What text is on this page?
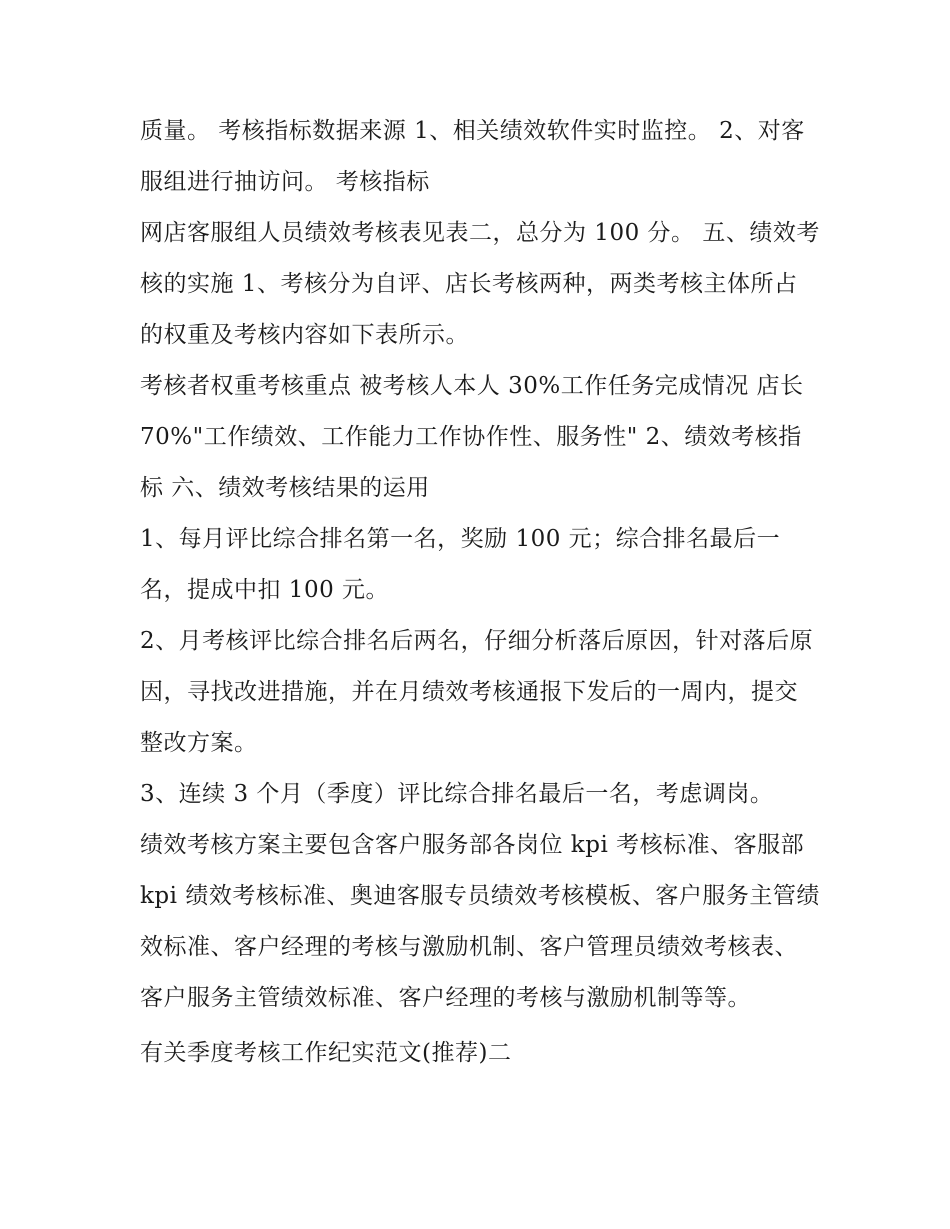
质量。 考核指标数据来源 1、相关绩效软件实时监控。 2、对客服组进行抽访问。 考核指标

网店客服组人员绩效考核表见表二，总分为 100 分。 五、绩效考核的实施 1、考核分为自评、店长考核两种，两类考核主体所占的权重及考核内容如下表所示。

考核者权重考核重点 被考核人本人 30%工作任务完成情况 店长 70%"工作绩效、工作能力工作协作性、服务性" 2、绩效考核指标 六、绩效考核结果的运用

1、每月评比综合排名第一名，奖励 100 元；综合排名最后一名，提成中扣 100 元。

2、月考核评比综合排名后两名，仔细分析落后原因，针对落后原因，寻找改进措施，并在月绩效考核通报下发后的一周内，提交整改方案。

3、连续 3 个月（季度）评比综合排名最后一名，考虑调岗。

绩效考核方案主要包含客户服务部各岗位 kpi 考核标准、客服部 kpi 绩效考核标准、奥迪客服专员绩效考核模板、客户服务主管绩效标准、客户经理的考核与激励机制、客户管理员绩效考核表、客户服务主管绩效标准、客户经理的考核与激励机制等等。

有关季度考核工作纪实范文(推荐)二
